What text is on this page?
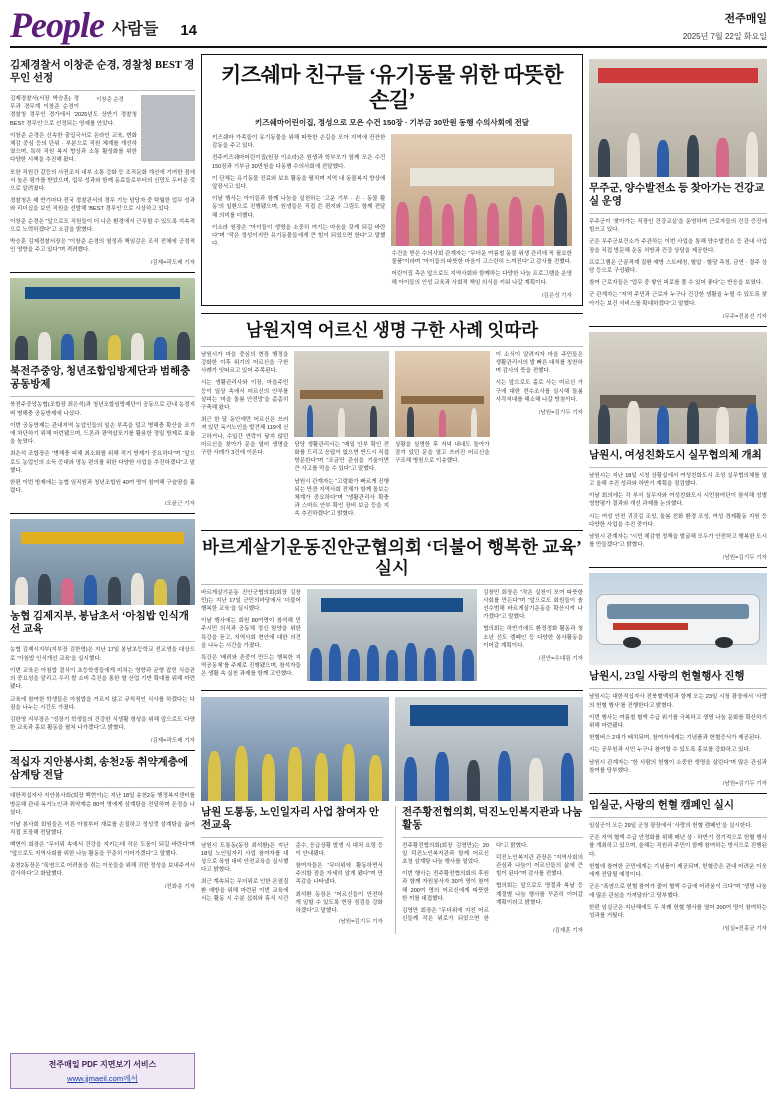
People 사람들 14
전주매일
2025년 7월 22일 화요일
김제경찰서 이창준 순경, 경찰청 BEST 경무인 선정
이창준 순경

김제경찰서(서장 박승훈) 경무과 경무계 이창준 순경이 경찰청 경무인 경가에서 ‘2025년도 상반기 경찰청 BEST 경무인’으로 선정되는 영예를 안았다.

이창준 순경은 신속한 출입국서로 온라인 교육, 변화체감 중심 등의 단위 · 부분으로 직원 체계를 개선하 였으며, 특히 직원 복지 향상과 소통 활성화를 위한 다양한 시책을 추진해 왔다.

또한 직원간 갈등의 사전조치 내부 소통 강화 등 조직문화 개선에 기여한 점에서 높은 평가를 받았으며, 업무 성과와 함께 동료들로부터의 신망도 두터운 것으로 알려졌다.

경찰청은 매 반기마다 전국 경찰관서의 경무 기능 담당자 중 탁월한 업무 성과와 리더십을 보인 직원을 선발해 ‘BEST 경무인’으로 시상하고 있다.

이창준 순경은 “앞으로도 직원들이 더 나은 환경에서 근무할 수 있도록 지속적으로 노력하겠다”고 소감을 밝혔다.

박승훈 김제경찰서장은 “이창준 순경의 열정과 책임감은 조직 전체에 긍정적인 영향을 주고 있다”며 격려했다.

/김제=곽도배 기자
북전주중앙, 청년조합임방제단과 범해충 공동방제

북전주중앙농협(조합장 최은석)과 청년조합임방제단이 공동으로 관내 농경지 벼 병해충 공동방제에 나섰다.

이번 공동방제는 관내지역 농업인들의 일손 부족을 덜고 병해충 확산을 조기에 차단하기 위해 마련됐으며, 드론과 광역살포기를 활용한 정밀 방제로 효율을 높였다.

최은석 조합장은 “병해충 피해 최소화를 위해 적기 방제가 중요하다”며 “앞으로도 농업인의 소득 증대와 영농 편의를 위한 다양한 사업을 추진하겠다”고 말했다.

한편 이번 방제에는 농협 임직원과 청년조합원 40여 명이 참여해 구슬땀을 흘렸다.

/오윤근 기자
농협 김제지부, 봉남초서 ‘아침밥 인식개선 교육

농협 김제시지부(지부장 김한영)은 지난 17일 봉남초등학교 전교생을 대상으로 ‘아침밥 인식개선 교육’을 실시했다.

이번 교육은 아침밥 결식이 초등학생들에게 미치는 영향과 균형 잡힌 식습관의 중요성을 알리고 우리 쌀 소비 촉진을 통한 쌀 산업 기반 확대를 위해 마련됐다.

교육에 참여한 학생들은 아침밥을 거르지 않고 규칙적인 식사를 하겠다는 다짐을 나누는 시간도 가졌다.

김한영 지부장은 “성장기 학생들의 건강한 식생활 형성을 위해 앞으로도 다양한 교육과 홍보 활동을 펼쳐 나가겠다”고 밝혔다.

/김제=곽도배 기자
적십자 지안봉사회, 송천2동 취약계층에 삼계탕 전달

대한적십자사 지안봉사회(회장 백현이)는 지난 18일 송천2동 행정복지센터를 방문해 관내 독거노인과 취약계층 80여 명에게 삼계탕을 전달하며 온정을 나눴다.

이날 봉사회 회원들은 이른 아침부터 재료를 손질하고 정성껏 삼계탕을 끓여 직접 포장해 전달했다.

백현이 회장은 “무더위 속에서 건강을 지키는데 작은 도움이 되길 바란다”며 “앞으로도 지역사회를 위한 나눔 활동을 꾸준히 이어가겠다”고 말했다.

송천2동장은 “폭염으로 어려움을 겪는 이웃들을 위해 귀한 정성을 보내주셔서 감사하다”고 화답했다.

/전화송 기자
키즈쉐마 친구들 ‘유기동물 위한 따뜻한 손길’
키즈쉐마어린이집, 정성으로 모은 수건 150장 · 기부금 30만원 동행 수의사회에 전달

키즈쉐마 가족들이 유기동물을 위해 따뜻한 손길을 모아 지역에 잔잔한 감동을 주고 있다.

전주키즈쉐마어린이집(원장 이소라)은 원생과 학부모가 함께 모은 수건 150장과 기부금 30만원을 다동행 수의사회에 전달했다.

이 단체는 유기동물 진료와 보호 활동을 펼치며 지역 내 동물복지 향상에 앞장서고 있다.

이날 행사는 아이들과 함께 나눔을 실천하는 ‘고운 기부 · 손 · 동물 활동’의 일환으로 진행됐으며, 원생들은 직접 쓴 편지와 그림도 함께 전달해 의미를 더했다.

이소라 원장은 “아이들이 생명을 소중히 여기는 마음을 갖게 되길 바란다”며 “작은 정성이지만 유기동물들에게 큰 힘이 되었으면 한다”고 말했다.

수건을 받은 수의사회 관계자는 “무더운 여름철 동물 위생 관리에 꼭 필요한 물품”이라며 “아이들의 따뜻한 마음이 고스란히 느껴진다”고 감사를 전했다.

어린이집 측은 앞으로도 지역사회와 함께하는 다양한 나눔 프로그램을 운영해 아이들의 인성 교육과 사회적 책임 의식을 키워 나갈 계획이다.

/김은성 기자
남원지역 어르신 생명 구한 사례 잇따라

남원시가 마을 중심의 현장 행정을 강화한 이후 위기의 어르신을 구한 사례가 잇따르고 있어 주목된다.

시는 생활관리사와 이장, 마을주민 등이 일상 속에서 어르신의 안부를 살피는 ‘마을 돌봄 안전망’을 촘촘히 구축해 왔다.

최근 한 달 동안에만 어르신은 쓰러져 있던 독거노인을 발견해 119에 신고하거나, 수일간 연락이 닿지 않던 어르신을 찾아가 문을 열어 생명을 구한 사례가 3건에 이른다.

담당 생활관리사는 “매일 안부 확인 전화를 드리고 응답이 없으면 반드시 직접 방문한다”며 “조금만 관심을 기울이면 큰 사고를 막을 수 있다”고 말했다.

남원시 관계자는 “고령화가 빠르게 진행되는 만큼 지역사회 전체가 함께 돌보는 체계가 중요하다”며 “생활관리사 확충과 스마트 안부 확인 장비 보급 등을 지속 추진하겠다”고 밝혔다.

상황을 설명한 후 저녁 내내도 돌아가 잠겨 있던 문을 열고 쓰러진 어르신을 구조해 병원으로 이송했다.

이 소식이 알려지자 마을 주민들은 생활관리사의 발 빠른 대처를 칭찬하며 감사의 뜻을 전했다.

시는 앞으로도 홀로 사는 어르신 가구에 대한 전수조사를 실시해 돌봄 사각지대를 해소해 나갈 방침이다.

/남원=김기두 기자
바르게살기운동진안군협의회 ‘더불어 행복한 교육’ 실시

바르게살기운동 진안군협의회(회장 김창민)는 지난 17일 군민의마당에서 ‘더불어 행복한 교육’을 실시했다.

이날 행사에는 회원 80여명이 참석해 민주시민 의식과 공동체 정신 함양을 위한 특강을 듣고, 지역사회 현안에 대한 의견을 나누는 시간을 가졌다.

특강은 ‘배려와 존중이 만드는 행복한 지역공동체’를 주제로 진행됐으며, 참석자들은 생활 속 실천 과제를 함께 고민했다.

김창민 회장은 “작은 실천이 모여 따뜻한 사회를 만든다”며 “앞으로도 회원들이 솔선수범해 바르게살기운동을 확산시켜 나가겠다”고 말했다.

협의회는 하반기에도 환경정화 활동과 청소년 선도 캠페인 등 다양한 봉사활동을 이어갈 계획이다.

/진안=우대림 기자
남원 도통동, 노인일자리 사업 참여자 안전교육

남원시 도통동(동장 최석환)은 지난 18일 노인일자리 사업 참여자를 대상으로 폭염 대비 안전교육을 실시했다고 밝혔다.

최근 계속되는 무더위로 인한 온열질환 예방을 위해 마련된 이번 교육에서는 활동 시 수분 섭취와 휴식 시간 준수, 응급상황 발생 시 대처 요령 등이 안내됐다.

참여자들은 “무더위에 활동하면서 주의할 점을 자세히 알게 됐다”며 만족감을 나타냈다.

최석환 동장은 “어르신들이 안전하게 일할 수 있도록 현장 점검을 강화하겠다”고 말했다.

/남원=김기두 기자
전주황전협의회, 덕진노인복지관과 나눔 활동

전주황전협의회(회장 김영만)는 20일 덕진노인복지관과 함께 어르신 초청 삼계탕 나눔 행사를 열었다.

이번 행사는 전주황전협의회의 후원과 함께 자원봉사자 30여 명이 참여해 200여 명의 어르신에게 따뜻한 한 끼를 대접했다.

김영만 회장은 “무더위에 지친 어르신들께 작은 위로가 되었으면 한다”고 밝혔다.

덕진노인복지관 관장은 “지역사회의 관심과 나눔이 어르신들의 삶에 큰 힘이 된다”며 감사를 전했다.

협의회는 앞으로도 명절과 복날 등 계절별 나눔 행사를 꾸준히 이어갈 계획이라고 밝혔다.

/김재훈 기자
무주군, 양수발전소 등 찾아가는 건강교실 운영

무주군이 ‘찾아가는 직장인 건강교실’을 운영하며 근로자들의 건강 증진에 힘쓰고 있다.

군은 무주군보건소가 주관하는 이번 사업을 통해 양수발전소 등 관내 사업장을 직접 방문해 운동 처방과 건강 상담을 제공한다.

프로그램은 근골격계 질환 예방 스트레칭, 혈압 · 혈당 측정, 금연 · 절주 상담 등으로 구성됐다.

참여 근로자들은 “업무 중 쌓인 피로를 풀 수 있어 좋다”는 반응을 보였다.

군 관계자는 “지역 주민과 근로자 누구나 건강한 생활을 누릴 수 있도록 찾아가는 보건 서비스를 확대하겠다”고 말했다.

/무주=전봉선 기자
남원시, 여성친화도시 실무협의체 개최

남원시는 지난 18일 시청 상황실에서 여성친화도시 조성 실무협의체를 열고 올해 추진 성과와 하반기 계획을 점검했다.

이날 회의에는 각 부서 실무자와 여성친화도시 시민참여단이 참석해 성별영향평가 결과와 개선 과제를 논의했다.

시는 여성 안전 귀갓길 조성, 돌봄 친화 환경 조성, 여성 경제활동 지원 등 다양한 사업을 추진 중이다.

남원시 관계자는 “시민 체감형 정책을 발굴해 모두가 안전하고 행복한 도시를 만들겠다”고 밝혔다.

/남원=김기두 기자
남원시, 23일 사랑의 헌혈행사 진행

남원시는 대한적십자사 전북혈액원과 함께 오는 23일 시청 광장에서 ‘사랑의 헌혈 행사’를 진행한다고 밝혔다.

이번 행사는 여름철 혈액 수급 위기를 극복하고 생명 나눔 문화를 확산하기 위해 마련됐다.

헌혈버스 2대가 배치되며, 참여자에게는 기념품과 헌혈증서가 제공된다.

시는 공무원과 시민 누구나 참여할 수 있도록 홍보를 강화하고 있다.

남원시 관계자는 “한 사람의 헌혈이 소중한 생명을 살린다”며 많은 관심과 참여를 당부했다.

/남원=김기두 기자
임실군, 사랑의 헌혈 캠페인 실시

임실군이 오는 29일 군청 광장에서 ‘사랑의 헌혈 캠페인’을 실시한다.

군은 지역 혈액 수급 안정화를 위해 매년 상 · 하반기 정기적으로 헌혈 행사를 개최하고 있으며, 올해는 직원과 주민이 함께 참여하는 방식으로 진행된다.

헌혈에 참여한 군민에게는 기념품이 제공되며, 헌혈증은 관내 어려운 이웃에게 전달될 예정이다.

군은 “폭염으로 헌혈 참여가 줄어 혈액 수급에 어려움이 크다”며 “생명 나눔에 많은 관심을 가져달라”고 당부했다.

한편 임실군은 지난해에도 두 차례 헌혈 행사를 열어 200여 명이 참여하는 성과를 거뒀다.

/임실=전홍균 기자
전주매일 PDF 지면보기 서비스
www.jjmaeil.com에서
